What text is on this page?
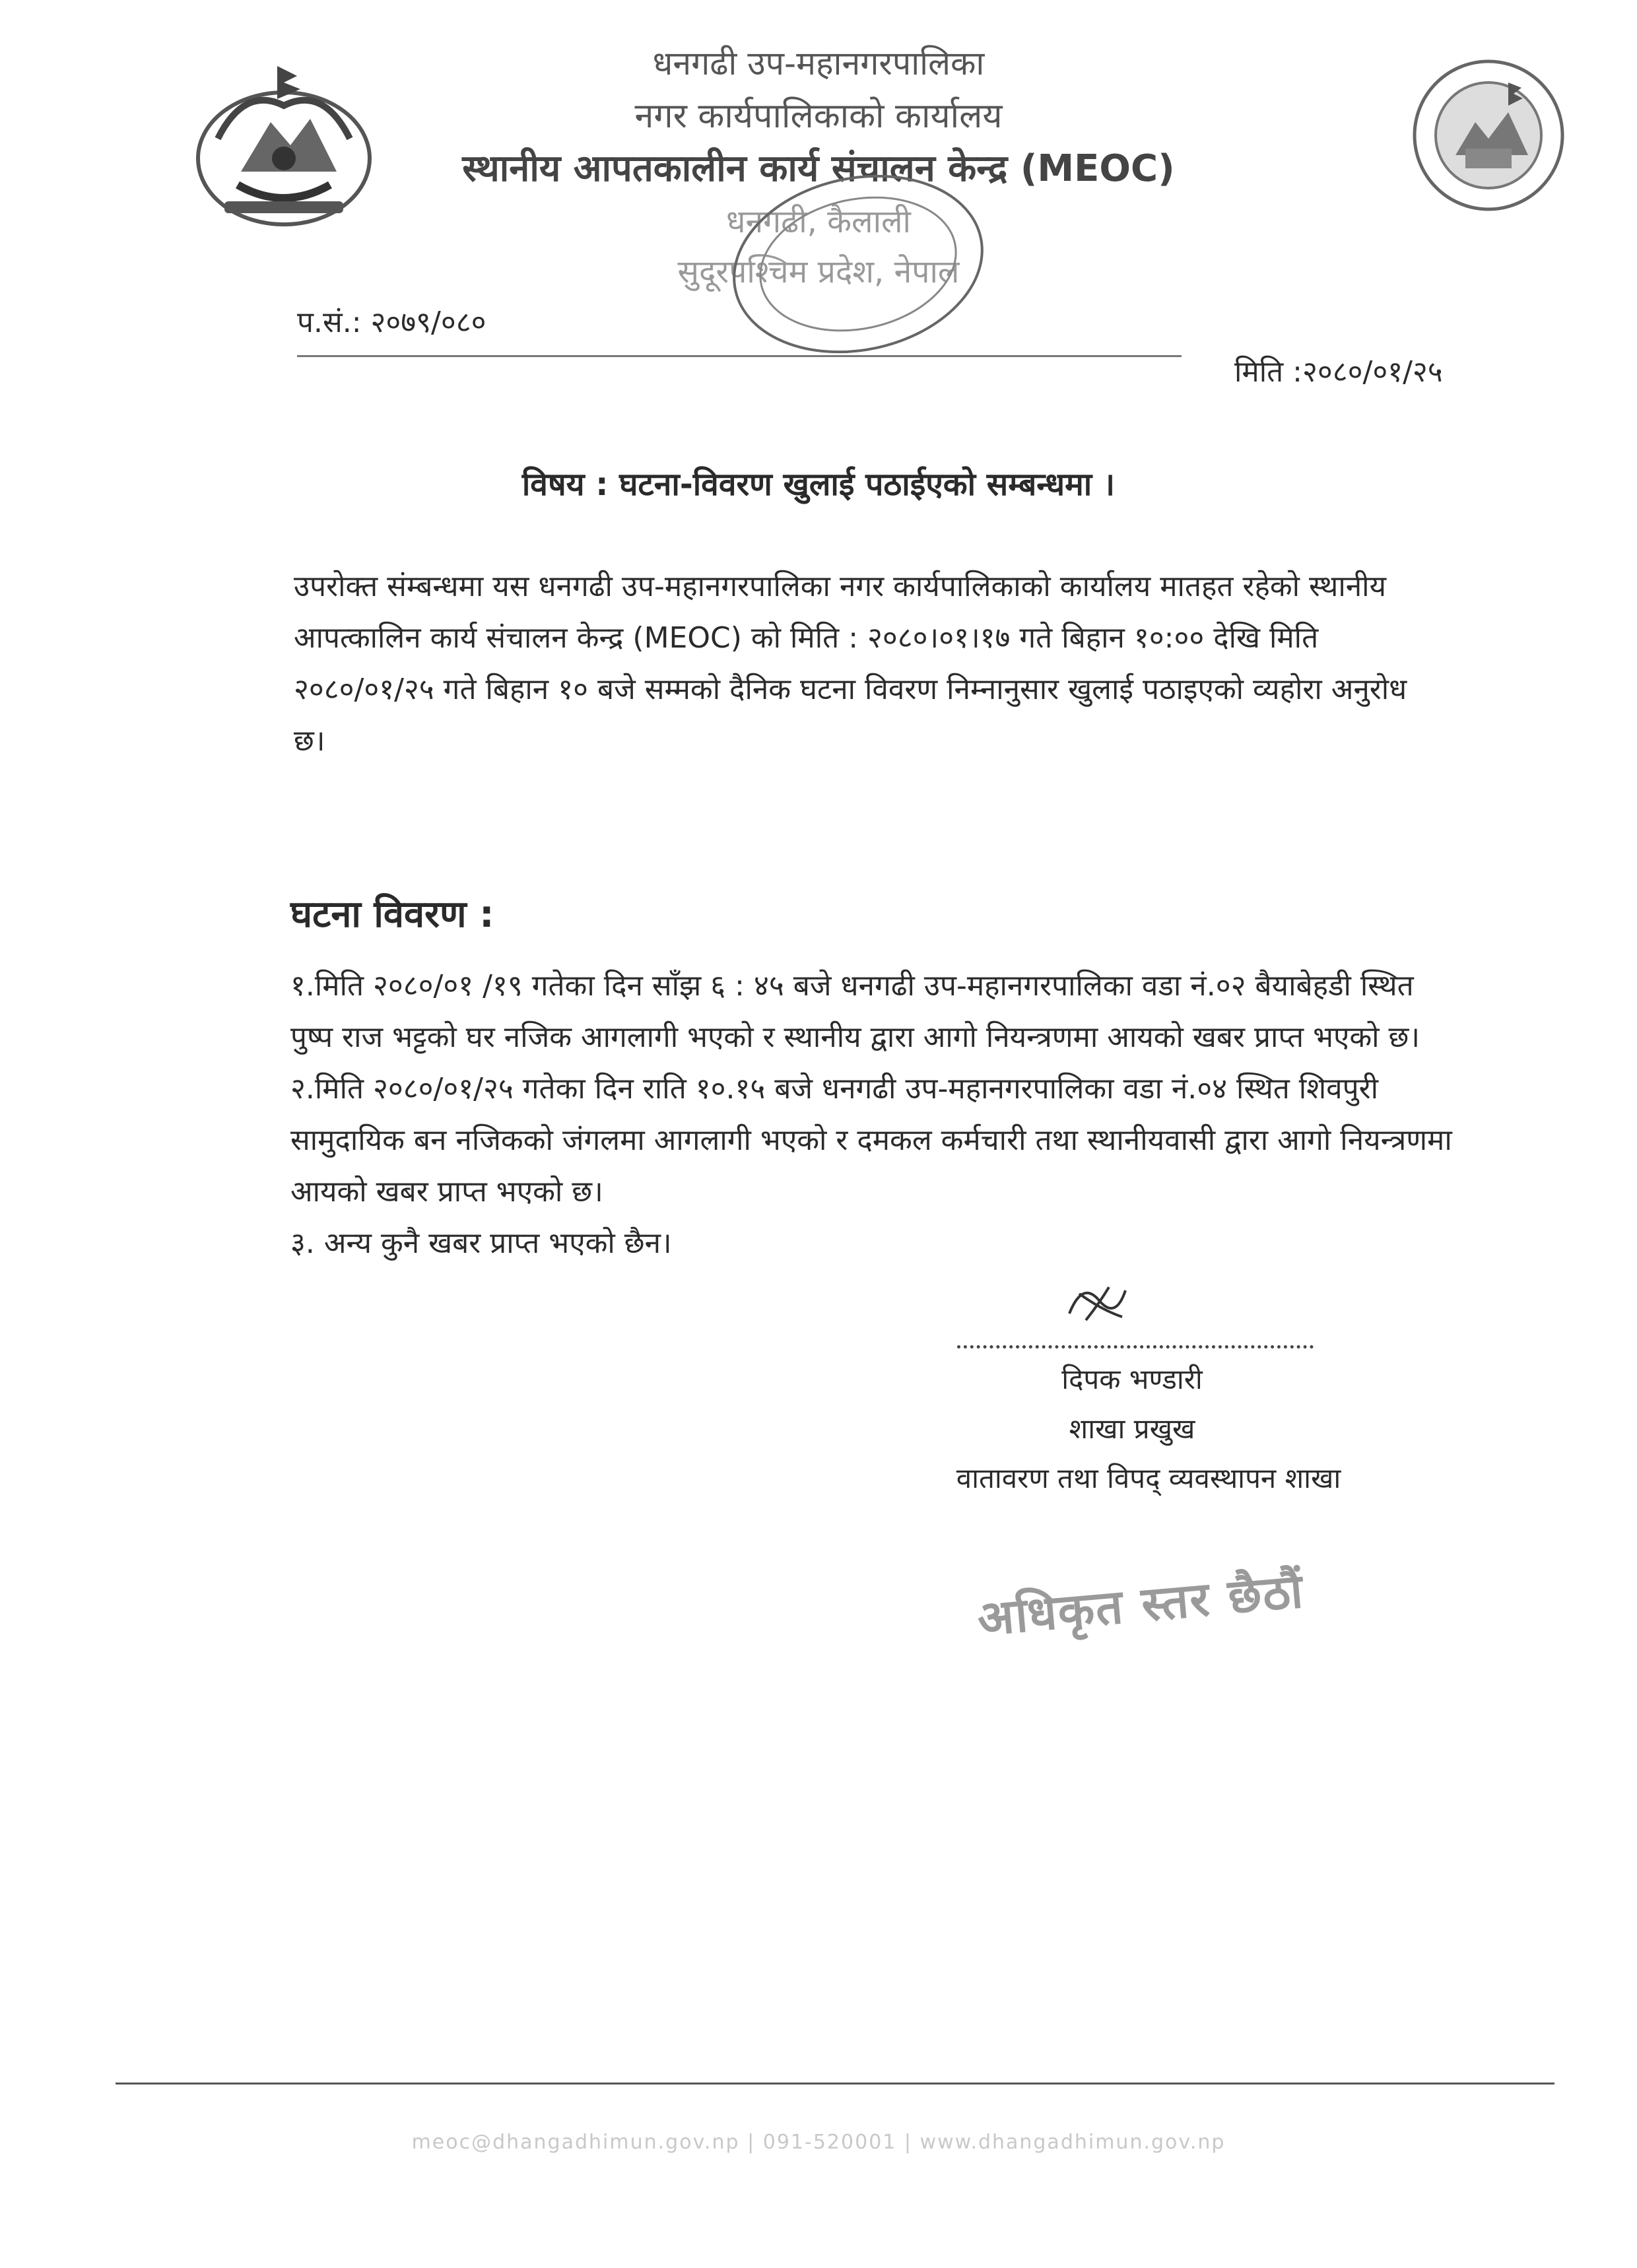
धनगढी उप-महानगरपालिका
नगर कार्यपालिकाको कार्यालय
स्थानीय आपतकालीन कार्य संचालन केन्द्र (MEOC)
धनगढी, कैलाली
सुदूरपश्चिम प्रदेश, नेपाल
प.सं.: २०७९/०८०
मिति :२०८०/०१/२५
विषय : घटना-विवरण खुलाई पठाईएको सम्बन्धमा ।
उपरोक्त संम्बन्धमा यस धनगढी उप-महानगरपालिका नगर कार्यपालिकाको कार्यालय मातहत रहेको स्थानीय
आपत्कालिन कार्य संचालन केन्द्र (MEOC) को मिति : २०८०।०१।१७ गते बिहान १०:०० देखि मिति
२०८०/०१/२५ गते बिहान १० बजे सम्मको दैनिक घटना विवरण निम्नानुसार खुलाई पठाइएको व्यहोरा अनुरोध
छ।
घटना विवरण :
१.मिति २०८०/०१ /१९ गतेका दिन साँझ ६ : ४५ बजे धनगढी उप-महानगरपालिका वडा नं.०२ बैयाबेहडी स्थित
पुष्प राज भट्टको घर नजिक आगलागी भएको र स्थानीय द्वारा आगो नियन्त्रणमा आयको खबर प्राप्त भएको छ।
२.मिति २०८०/०१/२५ गतेका दिन राति १०.१५ बजे धनगढी उप-महानगरपालिका वडा नं.०४ स्थित शिवपुरी
सामुदायिक बन नजिकको जंगलमा आगलागी भएको र दमकल कर्मचारी तथा स्थानीयवासी द्वारा आगो नियन्त्रणमा
आयको खबर प्राप्त भएको छ।
३. अन्य कुनै खबर प्राप्त भएको छैन।
दिपक भण्डारी
शाखा प्रखुख
वातावरण तथा विपद् व्यवस्थापन शाखा
अधिकृत स्तर छैठौं
meoc@dhangadhimun.gov.np | 091-520001 | www.dhangadhimun.gov.np
